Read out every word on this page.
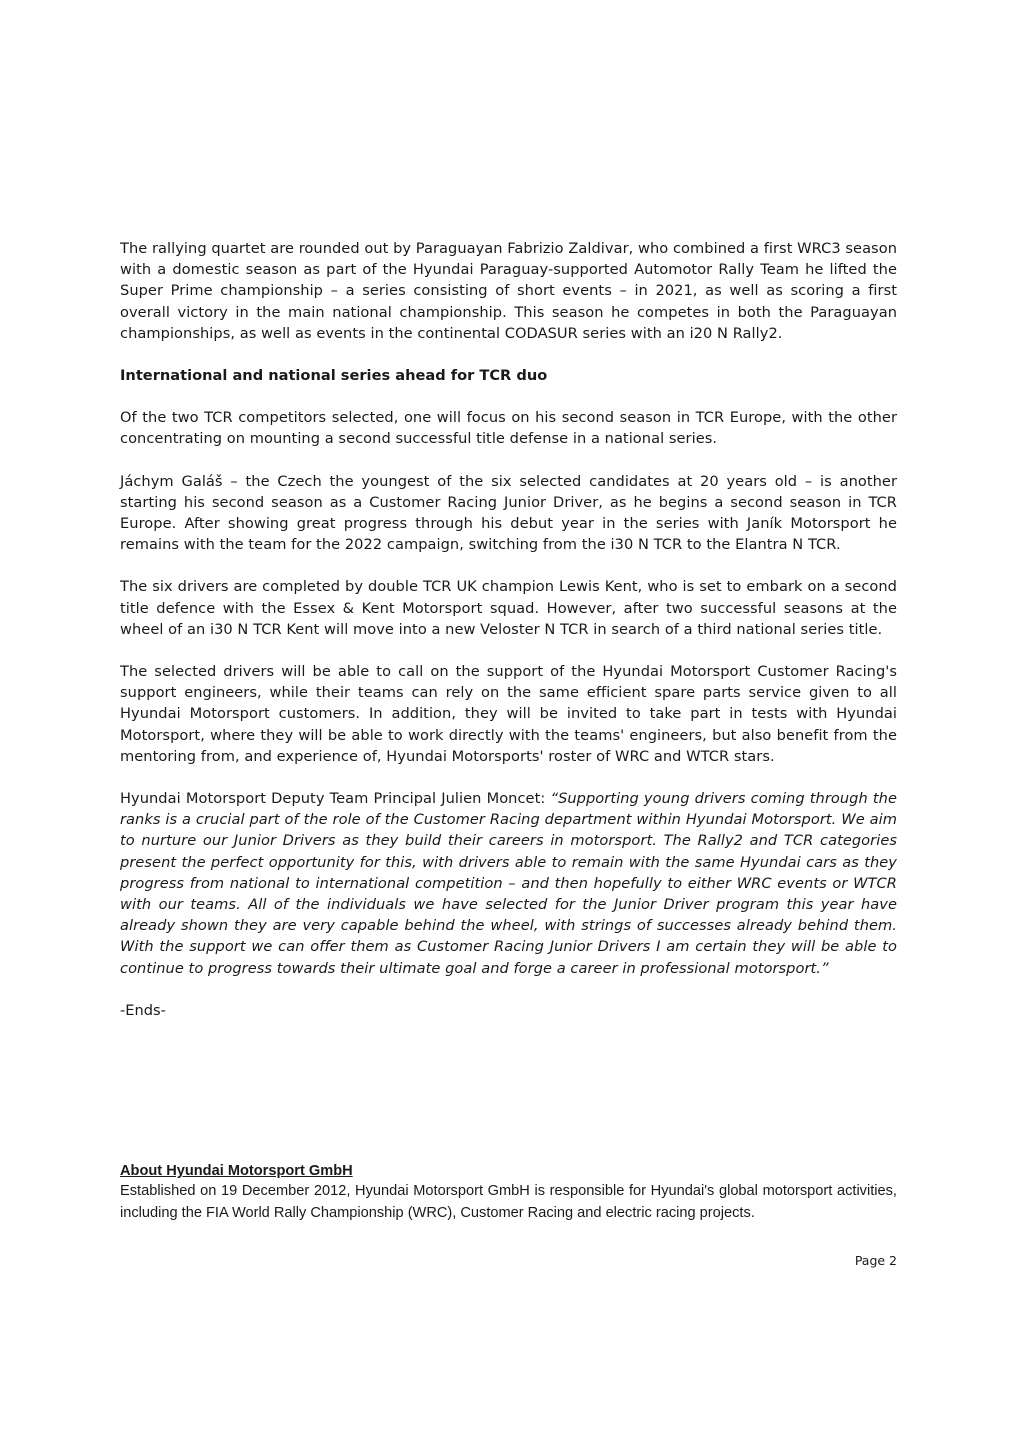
The rallying quartet are rounded out by Paraguayan Fabrizio Zaldivar, who combined a first WRC3 season with a domestic season as part of the Hyundai Paraguay-supported Automotor Rally Team he lifted the Super Prime championship – a series consisting of short events – in 2021, as well as scoring a first overall victory in the main national championship. This season he competes in both the Paraguayan championships, as well as events in the continental CODASUR series with an i20 N Rally2.

International and national series ahead for TCR duo

Of the two TCR competitors selected, one will focus on his second season in TCR Europe, with the other concentrating on mounting a second successful title defense in a national series.

Jáchym Galáš – the Czech the youngest of the six selected candidates at 20 years old – is another starting his second season as a Customer Racing Junior Driver, as he begins a second season in TCR Europe. After showing great progress through his debut year in the series with Janík Motorsport he remains with the team for the 2022 campaign, switching from the i30 N TCR to the Elantra N TCR.

The six drivers are completed by double TCR UK champion Lewis Kent, who is set to embark on a second title defence with the Essex & Kent Motorsport squad. However, after two successful seasons at the wheel of an i30 N TCR Kent will move into a new Veloster N TCR in search of a third national series title.

The selected drivers will be able to call on the support of the Hyundai Motorsport Customer Racing's support engineers, while their teams can rely on the same efficient spare parts service given to all Hyundai Motorsport customers. In addition, they will be invited to take part in tests with Hyundai Motorsport, where they will be able to work directly with the teams' engineers, but also benefit from the mentoring from, and experience of, Hyundai Motorsports' roster of WRC and WTCR stars.

Hyundai Motorsport Deputy Team Principal Julien Moncet: “Supporting young drivers coming through the ranks is a crucial part of the role of the Customer Racing department within Hyundai Motorsport. We aim to nurture our Junior Drivers as they build their careers in motorsport. The Rally2 and TCR categories present the perfect opportunity for this, with drivers able to remain with the same Hyundai cars as they progress from national to international competition – and then hopefully to either WRC events or WTCR with our teams. All of the individuals we have selected for the Junior Driver program this year have already shown they are very capable behind the wheel, with strings of successes already behind them. With the support we can offer them as Customer Racing Junior Drivers I am certain they will be able to continue to progress towards their ultimate goal and forge a career in professional motorsport.”

-Ends-

About Hyundai Motorsport GmbH

Established on 19 December 2012, Hyundai Motorsport GmbH is responsible for Hyundai's global motorsport activities, including the FIA World Rally Championship (WRC), Customer Racing and electric racing projects.

Page 2
